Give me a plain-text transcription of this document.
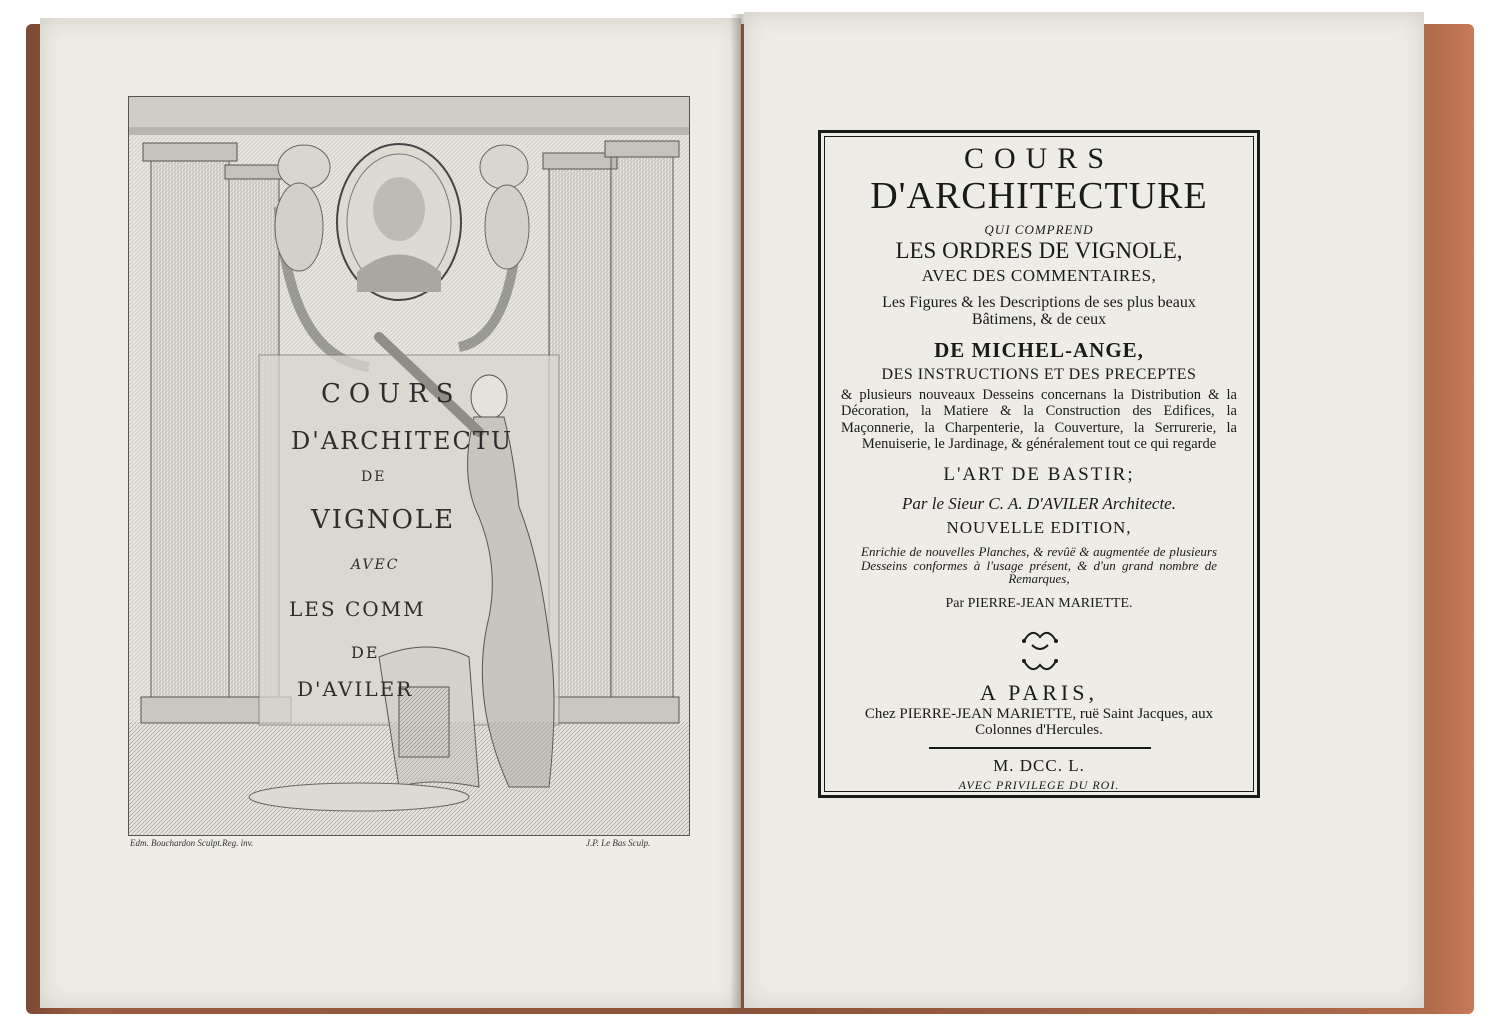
COURS
D'ARCHITECTU
DE
VIGNOLE
AVEC
LES COMM
DE
D'AVILER
Edm. Bouchardon Sculpt.Reg. inv.	J.P. Le Bas Sculp.
COURS
D'ARCHITECTURE
QUI COMPREND
LES ORDRES DE VIGNOLE,
AVEC DES COMMENTAIRES,
Les Figures & les Descriptions de ses plus beaux Bâtimens, & de ceux
DE MICHEL-ANGE,
DES INSTRUCTIONS ET DES PRECEPTES
& plusieurs nouveaux Desseins concernans la Distribution & la Décoration, la Matiere & la Construction des Edifices, la Maçonnerie, la Charpenterie, la Couverture, la Serrurerie, la Menuiserie, le Jardinage, & généralement tout ce qui regarde
L'ART DE BASTIR;
Par le Sieur C. A. D'AVILER Architecte.
NOUVELLE EDITION,
Enrichie de nouvelles Planches, & revûë & augmentée de plusieurs Desseins conformes à l'usage présent, & d'un grand nombre de Remarques,
Par PIERRE-JEAN MARIETTE.
A PARIS,
Chez PIERRE-JEAN MARIETTE, ruë Saint Jacques, aux Colonnes d'Hercules.
M. DCC. L.
AVEC PRIVILEGE DU ROI.
